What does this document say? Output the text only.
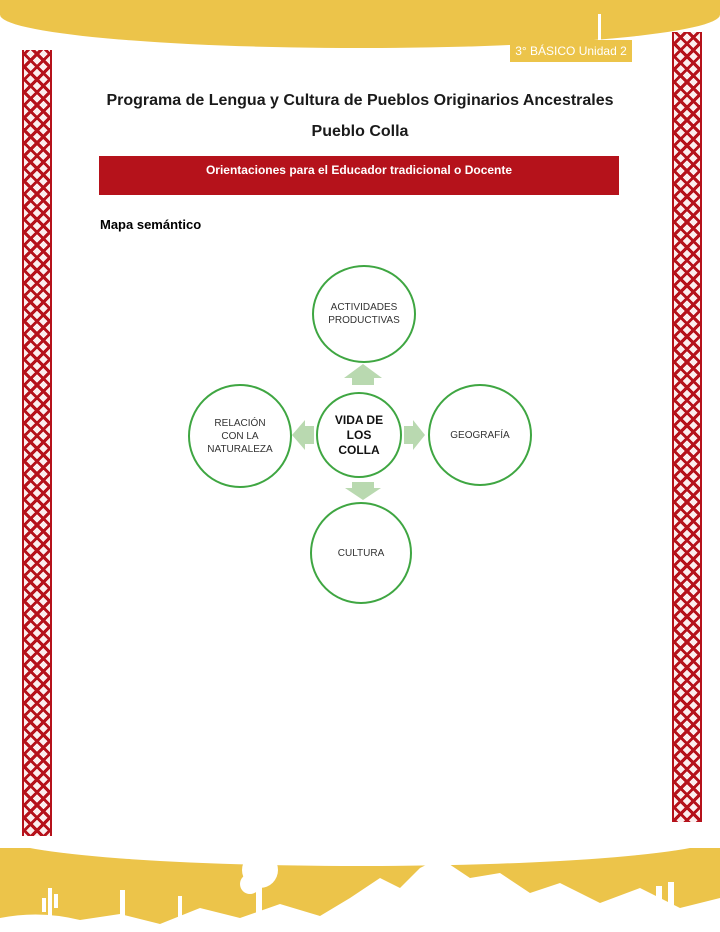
3° BÁSICO Unidad 2
Programa de Lengua y Cultura de Pueblos Originarios Ancestrales
Pueblo Colla
Orientaciones para el Educador tradicional o Docente
Mapa semántico
ACTIVIDADES
PRODUCTIVAS
GEOGRAFÍA
CULTURA
RELACIÓN
CON LA
NATURALEZA
VIDA DE
LOS
COLLA
